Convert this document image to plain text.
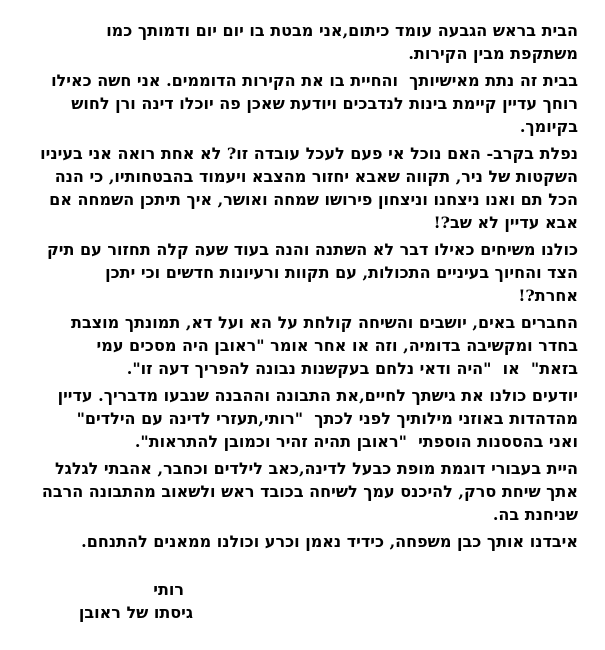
הבית בראש הגבעה עומד כיתום,אני מבטת בו יום יום ודמותך כמו
משתקפת מבין הקירות.
בבית זה נתת מאישיותך  והחיית בו את הקירות הדוממים. אני חשה כאילו
רוחך עדיין קיימת בינות לנדבכים ויודעת שאכן פה יוכלו דינה ורן לחוש
בקיומך.
נפלת בקרב- האם נוכל אי פעם לעכל עובדה זו? לא אחת רואה אני בעיניו
השקטות של ניר, תקווה שאבא יחזור מהצבא ויעמוד בהבטחותיו, כי הנה
הכל תם ואנו ניצחנו וניצחון פירושו שמחה ואושר, איך תיתכן השמחה אם
אבא עדיין לא שב?!
כולנו משיחים כאילו דבר לא השתנה והנה בעוד שעה קלה תחזור עם תיק
הצד והחיוך בעיניים התכולות, עם תקוות ורעיונות חדשים וכי יתכן
אחרת?!
החברים באים, יושבים והשיחה קולחת על הא ועל דא, תמונתך מוצבת
בחדר ומקשיבה בדומיה, וזה או אחר אומר "ראובן היה מסכים עמי
בזאת"  או  "היה ודאי נלחם בעקשנות נבונה להפריך דעה זו".
יודעים כולנו את גישתך לחיים,את התבונה וההבנה שנבעו מדבריך. עדיין
מהדהדות באוזני מילותיך לפני לכתך  "רותי,תעזרי לדינה עם הילדים"
ואני בהססנות הוספתי  "ראובן תהיה זהיר וכמובן להתראות".
היית בעבורי דוגמת מופת כבעל לדינה,כאב לילדים וכחבר, אהבתי לגלגל
אתך שיחת סרק, להיכנס עמך לשיחה בכובד ראש ולשאוב מהתבונה הרבה
שניחנת בה.
איבדנו אותך כבן משפחה, כידיד נאמן וכרע וכולנו ממאנים להתנחם.
רותי
גיסתו של ראובן
